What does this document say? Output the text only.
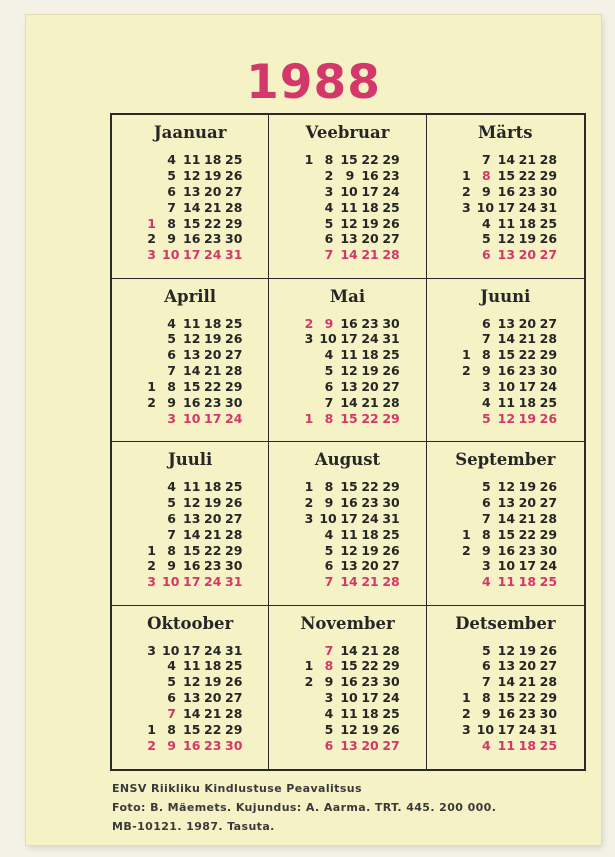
1988
Jaanuar
4 11 18 25
5 12 19 26
6 13 20 27
7 14 21 28
1 8 15 22 29
2 9 16 23 30
3 10 17 24 31
Veebruar
1 8 15 22 29
2 9 16 23
3 10 17 24
4 11 18 25
5 12 19 26
6 13 20 27
7 14 21 28
Märts
7 14 21 28
1 8 15 22 29
2 9 16 23 30
3 10 17 24 31
4 11 18 25
5 12 19 26
6 13 20 27
Aprill
4 11 18 25
5 12 19 26
6 13 20 27
7 14 21 28
1 8 15 22 29
2 9 16 23 30
3 10 17 24
Mai
2 9 16 23 30
3 10 17 24 31
4 11 18 25
5 12 19 26
6 13 20 27
7 14 21 28
1 8 15 22 29
Juuni
6 13 20 27
7 14 21 28
1 8 15 22 29
2 9 16 23 30
3 10 17 24
4 11 18 25
5 12 19 26
Juuli
4 11 18 25
5 12 19 26
6 13 20 27
7 14 21 28
1 8 15 22 29
2 9 16 23 30
3 10 17 24 31
August
1 8 15 22 29
2 9 16 23 30
3 10 17 24 31
4 11 18 25
5 12 19 26
6 13 20 27
7 14 21 28
September
5 12 19 26
6 13 20 27
7 14 21 28
1 8 15 22 29
2 9 16 23 30
3 10 17 24
4 11 18 25
Oktoober
3 10 17 24 31
4 11 18 25
5 12 19 26
6 13 20 27
7 14 21 28
1 8 15 22 29
2 9 16 23 30
November
7 14 21 28
1 8 15 22 29
2 9 16 23 30
3 10 17 24
4 11 18 25
5 12 19 26
6 13 20 27
Detsember
5 12 19 26
6 13 20 27
7 14 21 28
1 8 15 22 29
2 9 16 23 30
3 10 17 24 31
4 11 18 25
ENSV Riikliku Kindlustuse Peavalitsus
Foto: B. Mäemets. Kujundus: A. Aarma. TRT. 445. 200 000.
MB-10121. 1987. Tasuta.
